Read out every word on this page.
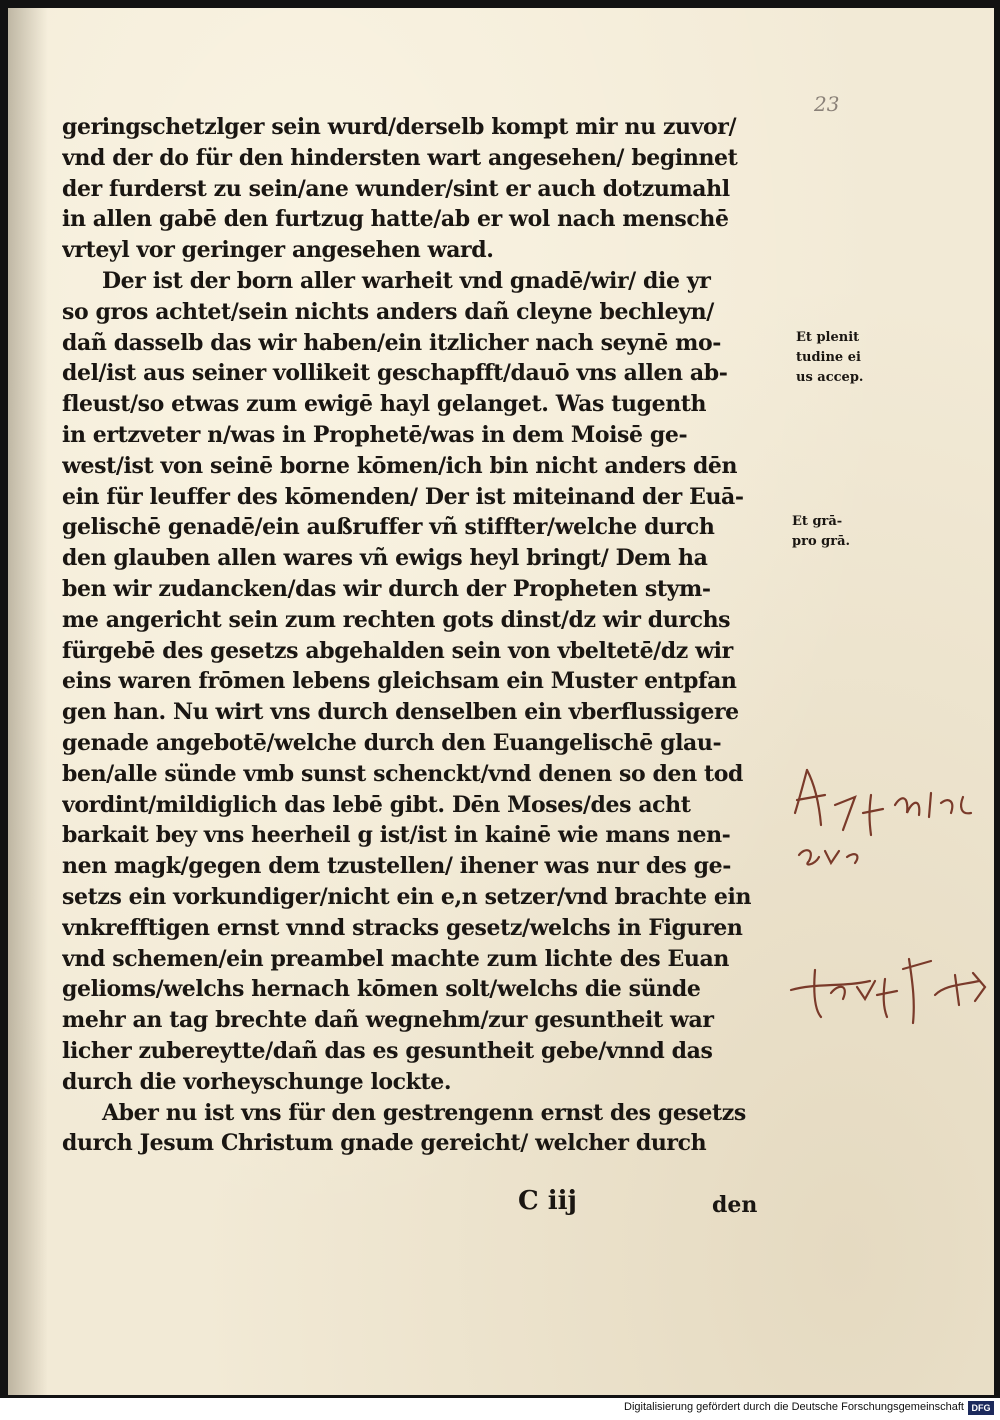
23
geringschetzlger sein wurd/derselb kompt mir nu zuvor/
vnd der do für den hindersten wart angesehen/ beginnet
der furderst zu sein/ane wunder/sint er auch dotzumahl
in allen gabē den furtzug hatte/ab er wol nach menschē
vrteyl vor geringer angesehen ward.
Der ist der born aller warheit vnd gnadē/wir/ die yr
so gros achtet/sein nichts anders dañ cleyne bechleyn/
dañ dasselb das wir haben/ein itzlicher nach seynē mo-
del/ist aus seiner vollikeit geschapfft/dauō vns allen ab-
fleust/so etwas zum ewigē hayl gelanget. Was tugenth
in ertzveter n/was in Prophetē/was in dem Moisē ge-
west/ist von seinē borne kōmen/ich bin nicht anders dēn
ein für leuffer des kōmenden/ Der ist miteinand der Euā-
gelischē genadē/ein außruffer vñ stiffter/welche durch
den glauben allen wares vñ ewigs heyl bringt/ Dem ha
ben wir zudancken/das wir durch der Propheten stym-
me angericht sein zum rechten gots dinst/dz wir durchs
fürgebē des gesetzs abgehalden sein von vbeltetē/dz wir
eins waren frōmen lebens gleichsam ein Muster entpfan
gen han. Nu wirt vns durch denselben ein vberflussigere
genade angebotē/welche durch den Euangelischē glau-
ben/alle sünde vmb sunst schenckt/vnd denen so den tod
vordint/mildiglich das lebē gibt. Dēn Moses/des acht
barkait bey vns heerheil g ist/ist in kainē wie mans nen-
nen magk/gegen dem tzustellen/ ihener was nur des ge-
setzs ein vorkundiger/nicht ein e,n setzer/vnd brachte ein
vnkrefftigen ernst vnnd stracks gesetz/welchs in Figuren
vnd schemen/ein preambel machte zum lichte des Euan
gelioms/welchs hernach kōmen solt/welchs die sünde
mehr an tag brechte dañ wegnehm/zur gesuntheit war
licher zubereytte/dañ das es gesuntheit gebe/vnnd das
durch die vorheyschunge lockte.
Aber nu ist vns für den gestrengenn ernst des gesetzs
durch Jesum Christum gnade gereicht/ welcher durch
Et plenit
tudine ei
us accep.
Et grā-
pro grā.
C iij	den
Digitalisierung gefördert durch die Deutsche Forschungsgemeinschaft DFG
